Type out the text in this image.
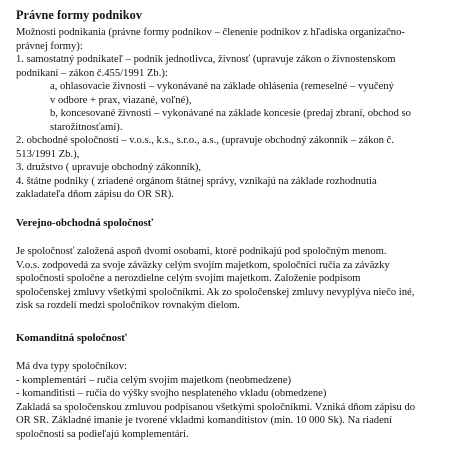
Právne formy podnikov
Možnosti podnikania (právne formy podnikov – členenie podnikov z hľadiska organizačno-
právnej formy):
1. samostatný podnikateľ – podnik jednotlivca, živnosť (upravuje zákon o živnostenskom
podnikaní – zákon č.455/1991 Zb.):
a, ohlasovacie živnosti – vykonávané na základe ohlásenia (remeselné – vyučený
v odbore + prax, viazané, voľné),
b, koncesované živnosti – vykonávané na základe koncesie (predaj zbraní, obchod so
starožitnosťami).
2. obchodné spoločnosti – v.o.s., k.s., s.r.o., a.s., (upravuje obchodný zákonník – zákon č.
513/1991 Zb.),
3. družstvo ( upravuje obchodný zákonník),
4. štátne podniky ( zriadené orgánom štátnej správy, vznikajú na základe rozhodnutia
zakladateľa dňom zápisu do OR SR).
Verejno-obchodná spoločnosť
Je spoločnosť založená aspoň dvomi osobami, ktoré podnikajú pod spoločným menom.
V.o.s. zodpovedá za svoje záväzky celým svojím majetkom, spoločníci ručia za záväzky
spoločnosti spoločne a nerozdielne celým svojím majetkom. Založenie podpisom
spoločenskej zmluvy všetkými spoločníkmi. Ak zo spoločenskej zmluvy nevyplýva niečo iné,
zisk sa rozdelí medzi spoločníkov rovnakým dielom.
Komanditná spoločnosť
Má dva typy spoločníkov:
- komplementári – ručia celým svojím majetkom (neobmedzene)
- komanditisti – ručia do výšky svojho nesplateného vkladu (obmedzene)
Zakladá sa spoločenskou zmluvou podpísanou všetkými spoločníkmi. Vzniká dňom zápisu do
OR SR. Základné imanie je tvorené vkladmi komanditistov (min. 10 000 Sk). Na riadení
spoločnosti sa podieľajú komplementári.
